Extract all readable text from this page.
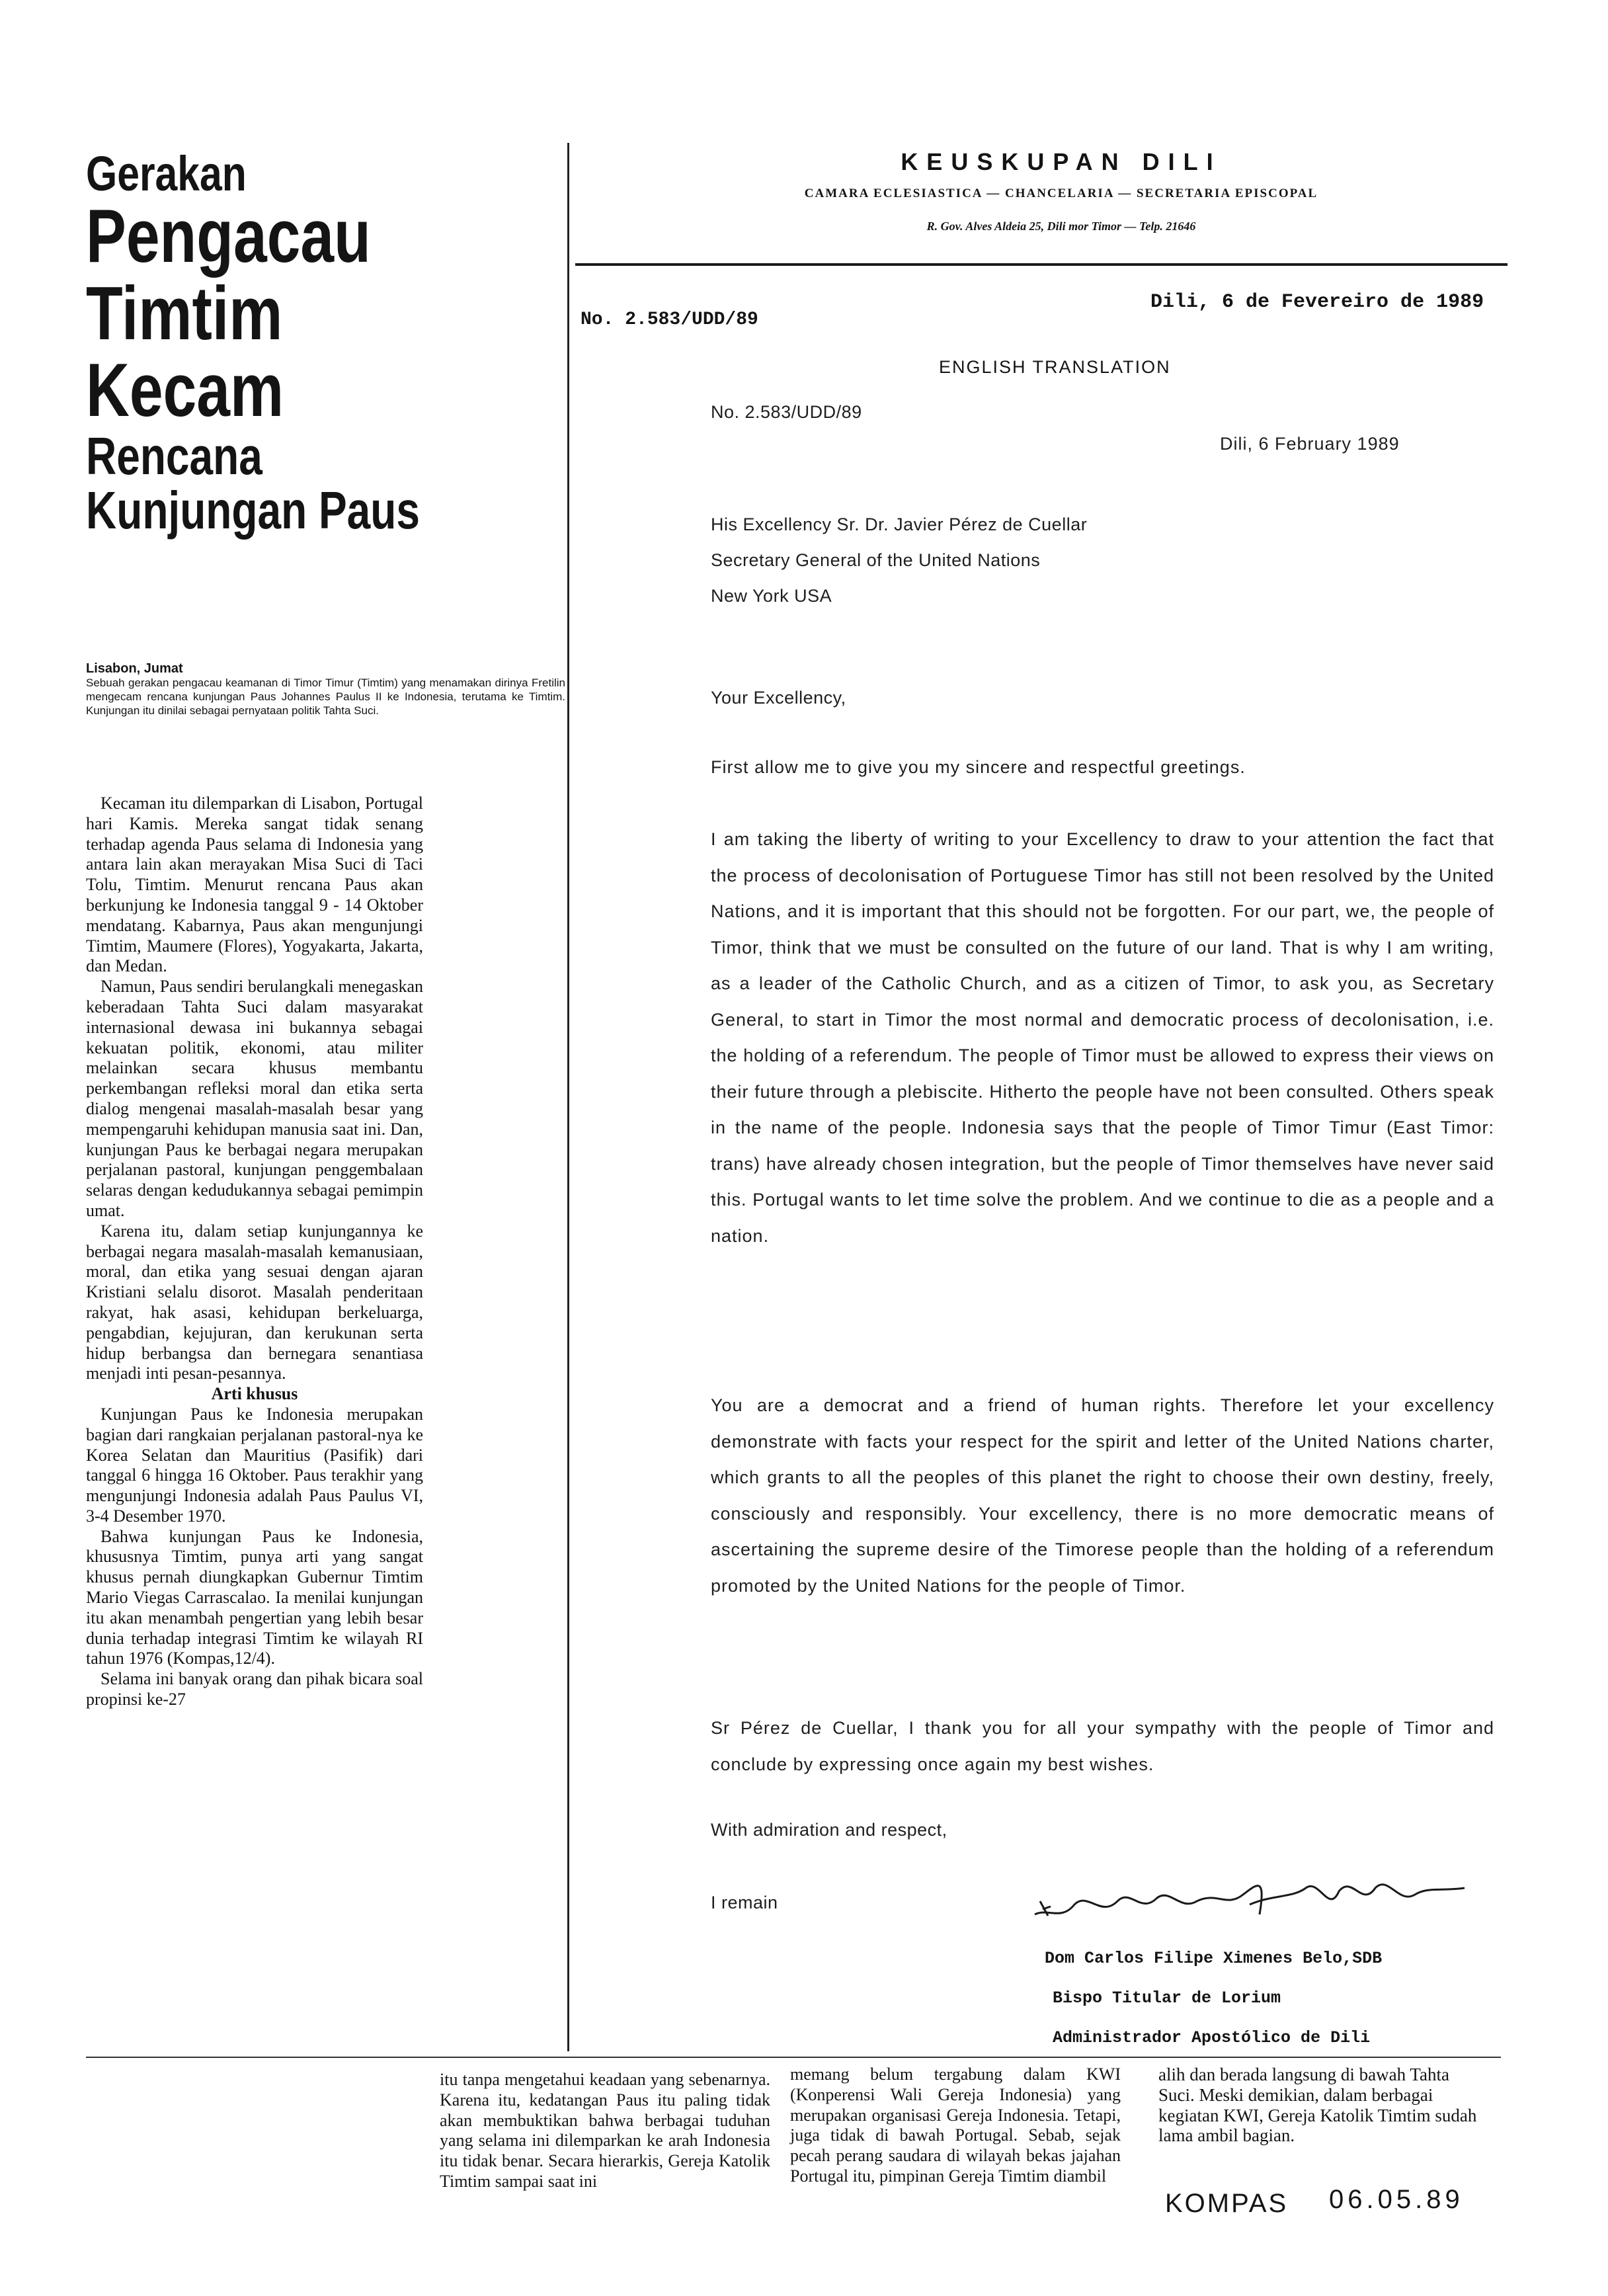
Gerakan
Pengacau
Timtim
Kecam
Rencana
Kunjungan Paus
Lisabon, Jumat
Sebuah gerakan pengacau keamanan di Timor Timur (Timtim) yang menamakan dirinya Fretilin mengecam rencana kunjungan Paus Johannes Paulus II ke Indonesia, terutama ke Timtim. Kunjungan itu dinilai sebagai pernyataan politik Tahta Suci.

Kecaman itu dilemparkan di Lisabon, Portugal hari Kamis. Mereka sangat tidak senang terhadap agenda Paus selama di Indonesia yang antara lain akan merayakan Misa Suci di Taci Tolu, Timtim. Menurut rencana Paus akan berkunjung ke Indonesia tanggal 9 - 14 Oktober mendatang. Kabarnya, Paus akan mengunjungi Timtim, Maumere (Flores), Yogyakarta, Jakarta, dan Medan.

Namun, Paus sendiri berulangkali menegaskan keberadaan Tahta Suci dalam masyarakat internasional dewasa ini bukannya sebagai kekuatan politik, ekonomi, atau militer melainkan secara khusus membantu perkembangan refleksi moral dan etika serta dialog mengenai masalah-masalah besar yang mempengaruhi kehidupan manusia saat ini. Dan, kunjungan Paus ke berbagai negara merupakan perjalanan pastoral, kunjungan penggembalaan selaras dengan kedudukannya sebagai pemimpin umat.

Karena itu, dalam setiap kunjungannya ke berbagai negara masalah-masalah kemanusiaan, moral, dan etika yang sesuai dengan ajaran Kristiani selalu disorot. Masalah penderitaan rakyat, hak asasi, kehidupan berkeluarga, pengabdian, kejujuran, dan kerukunan serta hidup berbangsa dan bernegara senantiasa menjadi inti pesan-pesannya.

Arti khusus

Kunjungan Paus ke Indonesia merupakan bagian dari rangkaian perjalanan pastoral-nya ke Korea Selatan dan Mauritius (Pasifik) dari tanggal 6 hingga 16 Oktober. Paus terakhir yang mengunjungi Indonesia adalah Paus Paulus VI, 3-4 Desember 1970.

Bahwa kunjungan Paus ke Indonesia, khususnya Timtim, punya arti yang sangat khusus pernah diungkapkan Gubernur Timtim Mario Viegas Carrascalao. Ia menilai kunjungan itu akan menambah pengertian yang lebih besar dunia terhadap integrasi Timtim ke wilayah RI tahun 1976 (Kompas,12/4).

Selama ini banyak orang dan pihak bicara soal propinsi ke-27

itu tanpa mengetahui keadaan yang sebenarnya. Karena itu, kedatangan Paus itu paling tidak akan membuktikan bahwa berbagai tuduhan yang selama ini dilemparkan ke arah Indonesia itu tidak benar. Secara hierarkis, Gereja Katolik Timtim sampai saat ini

memang belum tergabung dalam KWI (Konperensi Wali Gereja Indonesia) yang merupakan organisasi Gereja Indonesia. Tetapi, juga tidak di bawah Portugal. Sebab, sejak pecah perang saudara di wilayah bekas jajahan Portugal itu, pimpinan Gereja Timtim diambil

alih dan berada langsung di bawah Tahta Suci. Meski demikian, dalam berbagai kegiatan KWI, Gereja Katolik Timtim sudah lama ambil bagian.

KEUSKUPAN DILI
CAMARA ECLESIASTICA — CHANCELARIA — SECRETARIA EPISCOPAL
R. Gov. Alves Aldeia 25, Dili mor Timor — Telp. 21646
No. 2.583/UDD/89
Dili, 6 de Fevereiro de 1989
ENGLISH TRANSLATION
No. 2.583/UDD/89
Dili, 6 February 1989
His Excellency Sr. Dr. Javier Pérez de Cuellar
Secretary General of the United Nations
New York USA
Your Excellency,
First allow me to give you my sincere and respectful greetings.
I am taking the liberty of writing to your Excellency to draw to your attention the fact that the process of decolonisation of Portuguese Timor has still not been resolved by the United Nations, and it is important that this should not be forgotten. For our part, we, the people of Timor, think that we must be consulted on the future of our land. That is why I am writing, as a leader of the Catholic Church, and as a citizen of Timor, to ask you, as Secretary General, to start in Timor the most normal and democratic process of decolonisation, i.e. the holding of a referendum. The people of Timor must be allowed to express their views on their future through a plebiscite. Hitherto the people have not been consulted. Others speak in the name of the people. Indonesia says that the people of Timor Timur (East Timor: trans) have already chosen integration, but the people of Timor themselves have never said this. Portugal wants to let time solve the problem. And we continue to die as a people and a nation.
You are a democrat and a friend of human rights. Therefore let your excellency demonstrate with facts your respect for the spirit and letter of the United Nations charter, which grants to all the peoples of this planet the right to choose their own destiny, freely, consciously and responsibly. Your excellency, there is no more democratic means of ascertaining the supreme desire of the Timorese people than the holding of a referendum promoted by the United Nations for the people of Timor.
Sr Pérez de Cuellar, I thank you for all your sympathy with the people of Timor and conclude by expressing once again my best wishes.
With admiration and respect,
I remain
Dom Carlos Filipe Ximenes Belo,SDB
Bispo Titular de Lorium
Administrador Apostólico de Dili
KOMPAS 06.05.89
